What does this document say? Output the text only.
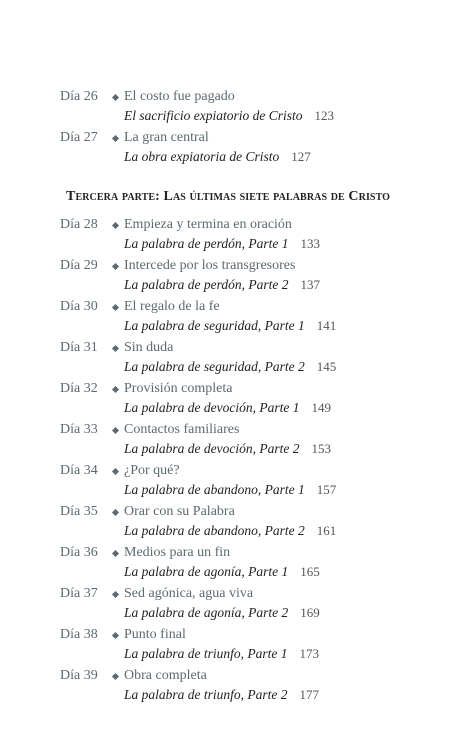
Día 26	El costo fue pagado
El sacrificio expiatorio de Cristo 123
Día 27	La gran central
La obra expiatoria de Cristo 127
Tercera parte: Las últimas siete palabras de Cristo
Día 28	Empieza y termina en oración
La palabra de perdón, Parte 1 133
Día 29	Intercede por los transgresores
La palabra de perdón, Parte 2 137
Día 30	El regalo de la fe
La palabra de seguridad, Parte 1 141
Día 31	Sin duda
La palabra de seguridad, Parte 2 145
Día 32	Provisión completa
La palabra de devoción, Parte 1 149
Día 33	Contactos familiares
La palabra de devoción, Parte 2 153
Día 34	¿Por qué?
La palabra de abandono, Parte 1 157
Día 35	Orar con su Palabra
La palabra de abandono, Parte 2 161
Día 36	Medios para un fin
La palabra de agonía, Parte 1 165
Día 37	Sed agónica, agua viva
La palabra de agonía, Parte 2 169
Día 38	Punto final
La palabra de triunfo, Parte 1 173
Día 39	Obra completa
La palabra de triunfo, Parte 2 177
